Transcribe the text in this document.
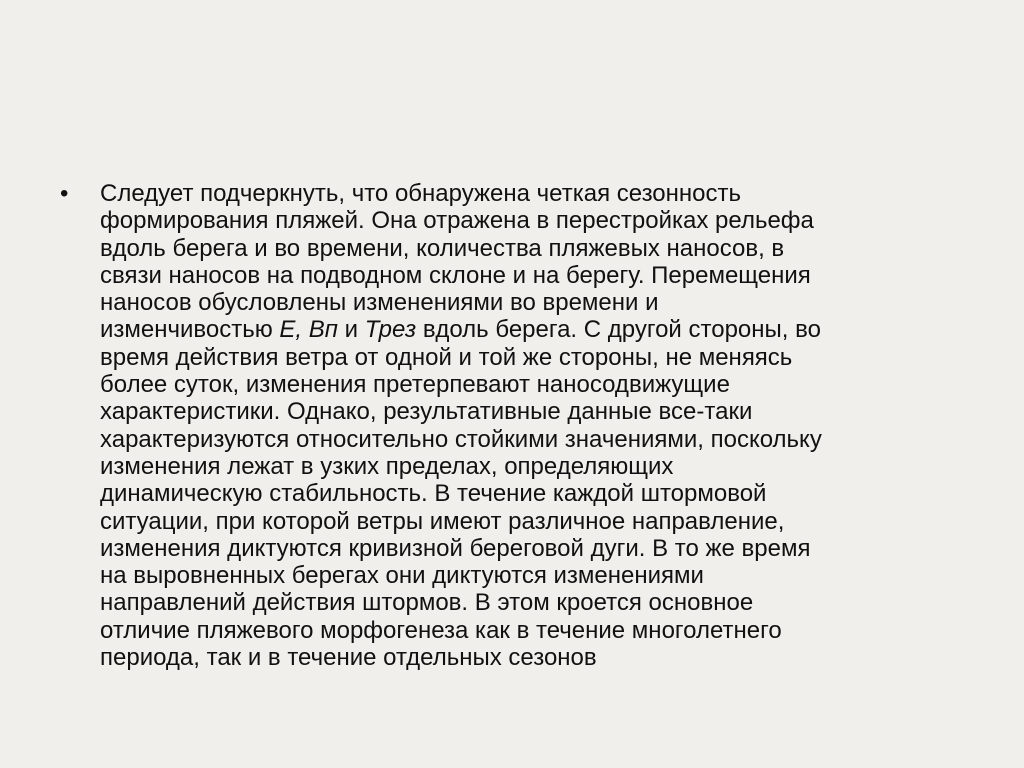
•	Следует подчеркнуть, что обнаружена четкая сезонность
формирования пляжей. Она отражена в перестройках рельефа
вдоль берега и во времени, количества пляжевых наносов, в
связи наносов на подводном склоне и на берегу. Перемещения
наносов обусловлены изменениями во времени и
изменчивостью E, Вп и Трез вдоль берега. С другой стороны, во
время действия ветра от одной и той же стороны, не меняясь
более суток, изменения претерпевают наносодвижущие
характеристики. Однако, результативные данные все-таки
характеризуются относительно стойкими значениями, поскольку
изменения лежат в узких пределах, определяющих
динамическую стабильность. В течение каждой штормовой
ситуации, при которой ветры имеют различное направление,
изменения диктуются кривизной береговой дуги. В то же время
на выровненных берегах они диктуются изменениями
направлений действия штормов. В этом кроется основное
отличие пляжевого морфогенеза как в течение многолетнего
периода, так и в течение отдельных сезонов
